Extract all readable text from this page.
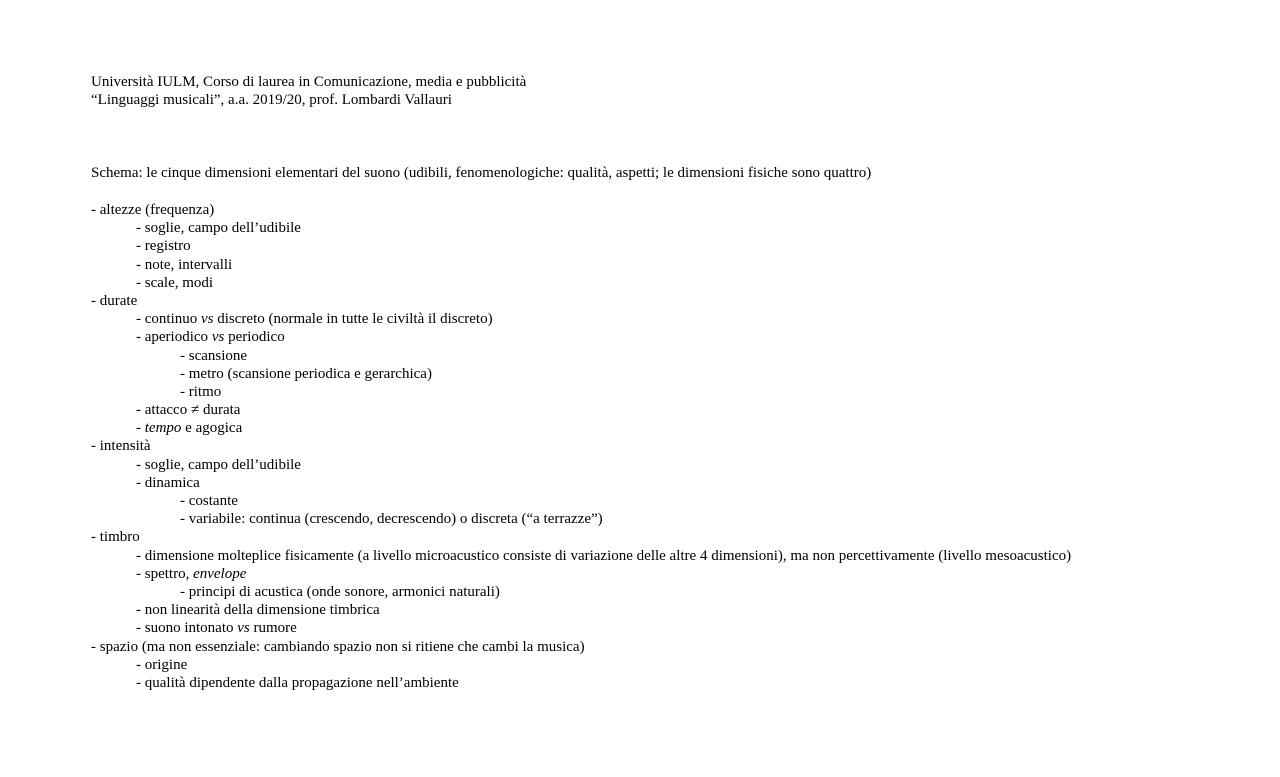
Università IULM, Corso di laurea in Comunicazione, media e pubblicità
“Linguaggi musicali”, a.a. 2019/20, prof. Lombardi Vallauri
Schema: le cinque dimensioni elementari del suono (udibili, fenomenologiche: qualità, aspetti; le dimensioni fisiche sono quattro)
- altezze (frequenza)
- soglie, campo dell’udibile
- registro
- note, intervalli
- scale, modi
- durate
- continuo vs discreto (normale in tutte le civiltà il discreto)
- aperiodico vs periodico
- scansione
- metro (scansione periodica e gerarchica)
- ritmo
- attacco ≠ durata
- tempo e agogica
- intensità
- soglie, campo dell’udibile
- dinamica
- costante
- variabile: continua (crescendo, decrescendo) o discreta (“a terrazze”)
- timbro
- dimensione molteplice fisicamente (a livello microacustico consiste di variazione delle altre 4 dimensioni), ma non percettivamente (livello mesoacustico)
- spettro, envelope
- principi di acustica (onde sonore, armonici naturali)
- non linearità della dimensione timbrica
- suono intonato vs rumore
- spazio (ma non essenziale: cambiando spazio non si ritiene che cambi la musica)
- origine
- qualità dipendente dalla propagazione nell’ambiente
